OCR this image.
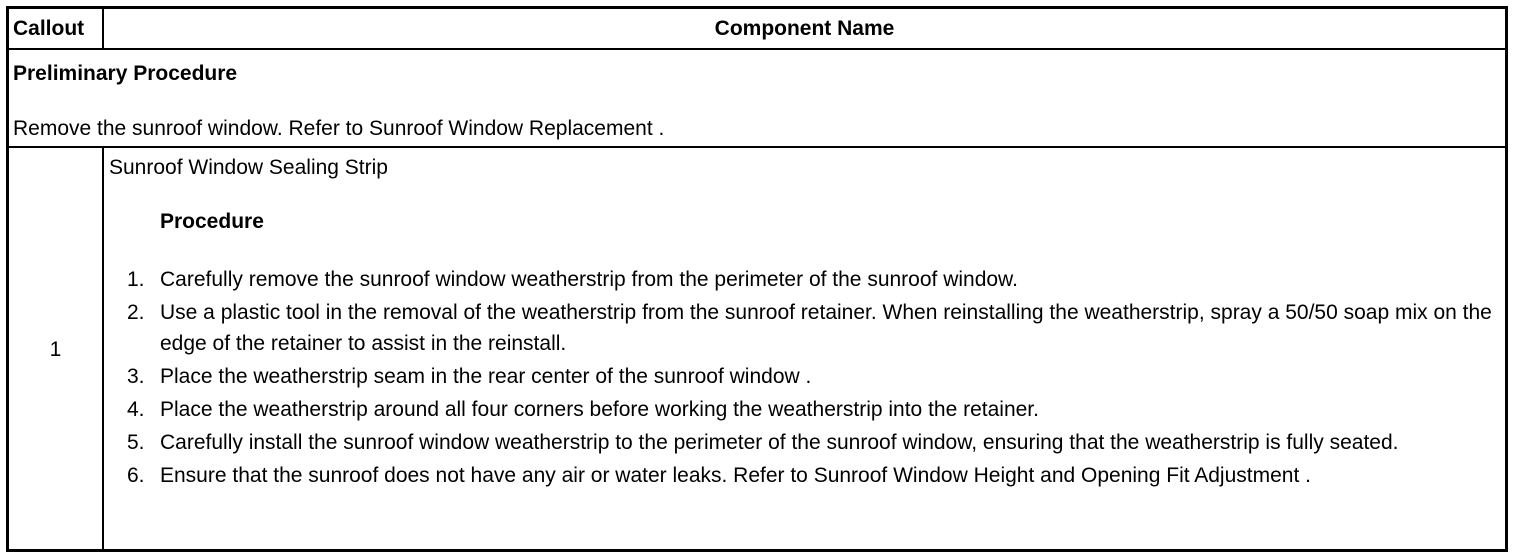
Callout	Component Name
Preliminary Procedure
Remove the sunroof window. Refer to Sunroof Window Replacement .
1
Sunroof Window Sealing Strip
Procedure
1. Carefully remove the sunroof window weatherstrip from the perimeter of the sunroof window.
2. Use a plastic tool in the removal of the weatherstrip from the sunroof retainer. When reinstalling the weatherstrip, spray a 50/50 soap mix on the edge of the retainer to assist in the reinstall.
3. Place the weatherstrip seam in the rear center of the sunroof window .
4. Place the weatherstrip around all four corners before working the weatherstrip into the retainer.
5. Carefully install the sunroof window weatherstrip to the perimeter of the sunroof window, ensuring that the weatherstrip is fully seated.
6. Ensure that the sunroof does not have any air or water leaks. Refer to Sunroof Window Height and Opening Fit Adjustment .
